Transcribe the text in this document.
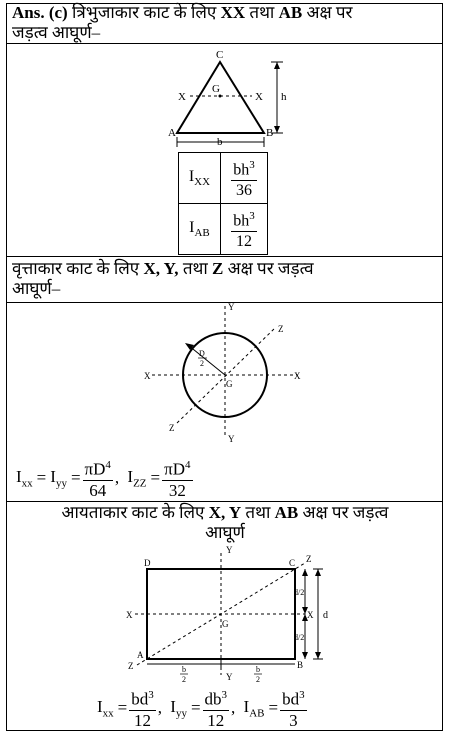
Ans. (c) त्रिभुजाकार काट के लिए XX तथा AB अक्ष पर
जड़त्व आघूर्ण–
C
A	B
G
X	X
b
h
$I_{XX}$	$\frac{bh^3}{36}$

$I_{AB}$	$\frac{bh^3}{12}$
वृत्ताकार काट के लिए X, Y, तथा Z अक्ष पर जड़त्व
आघूर्ण–
Y
Y
X	X
Z
Z
G
D
2
$I_{xx} = I_{yy} = \frac{\pi D^4}{64}$ , $I_{ZZ} = \frac{\pi D^4}{32}$
आयताकार काट के लिए X, Y तथा AB अक्ष पर जड़त्व
आघूर्ण
D	C
A
B
Y
Y
X	X
Z
Z
G
d
d/2
d/2
b
2
b
2
$I_{xx} = \frac{bd^3}{12}$ , $I_{yy} = \frac{db^3}{12}$ , $I_{AB} = \frac{bd^3}{3}$
